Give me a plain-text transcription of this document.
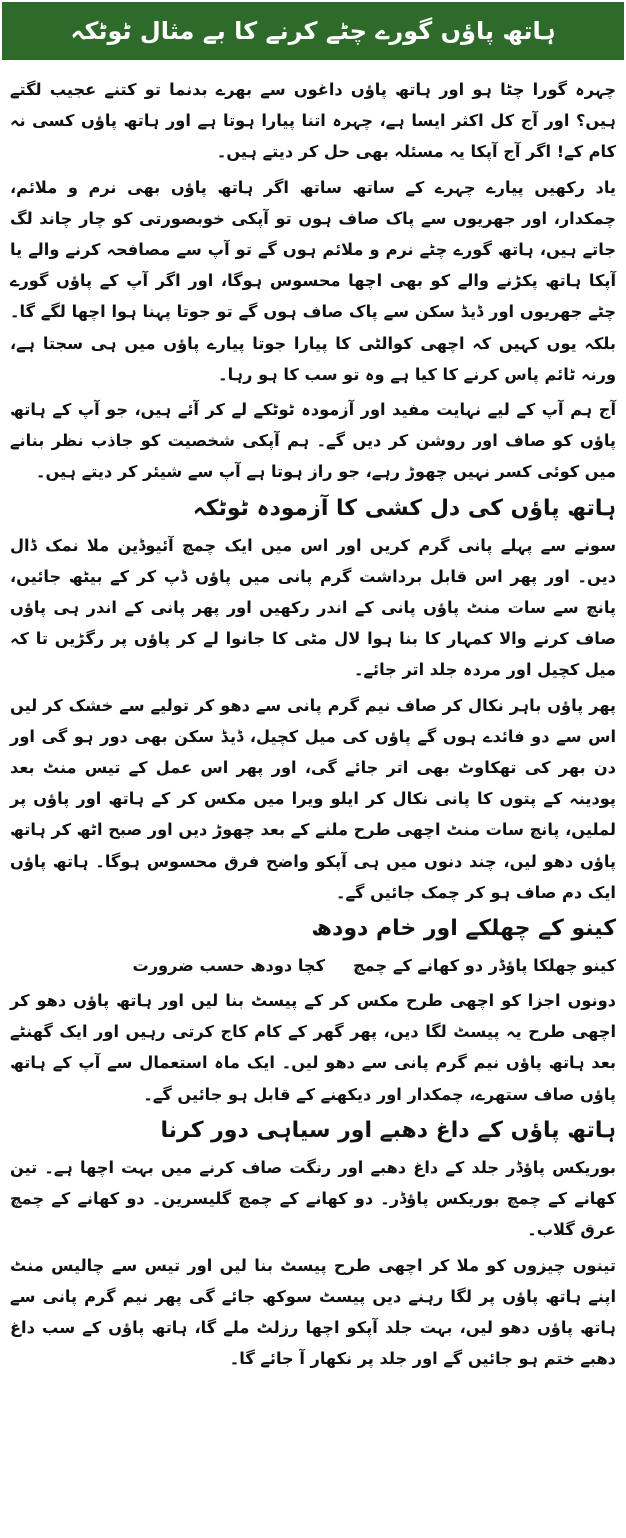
ہاتھ پاؤں گورے چٹے کرنے کا بے مثال ٹوٹکہ

چہرہ گورا چٹا ہو اور ہاتھ پاؤں داغوں سے بھرے بدنما تو کتنے عجیب لگتے ہیں؟ اور آج کل اکثر ایسا ہے، چہرہ اتنا پیارا ہوتا ہے اور ہاتھ پاؤں کسی نہ کام کے! اگر آج آپکا یہ مسئلہ بھی حل کر دیتے ہیں۔

یاد رکھیں پیارے چہرے کے ساتھ ساتھ اگر ہاتھ پاؤں بھی نرم و ملائم، چمکدار، اور جھریوں سے پاک صاف ہوں تو آپکی خوبصورتی کو چار چاند لگ جاتے ہیں، ہاتھ گورے چٹے نرم و ملائم ہوں گے تو آپ سے مصافحہ کرنے والے یا آپکا ہاتھ پکڑنے والے کو بھی اچھا محسوس ہوگا، اور اگر آپ کے پاؤں گورے چٹے جھریوں اور ڈیڈ سکن سے پاک صاف ہوں گے تو جوتا پہنا ہوا اچھا لگے گا۔ بلکہ یوں کہیں کہ اچھی کوالٹی کا پیارا جوتا پیارے پاؤں میں ہی سجتا ہے، ورنہ ٹائم پاس کرنے کا کیا ہے وہ تو سب کا ہو رہا۔

آج ہم آپ کے لیے نہایت مفید اور آزمودہ ٹوٹکے لے کر آئے ہیں، جو آپ کے ہاتھ پاؤں کو صاف اور روشن کر دیں گے۔ ہم آپکی شخصیت کو جاذب نظر بنانے میں کوئی کسر نہیں چھوڑ رہے، جو راز ہوتا ہے آپ سے شیئر کر دیتے ہیں۔

ہاتھ پاؤں کی دل کشی کا آزمودہ ٹوٹکہ

سونے سے پہلے پانی گرم کریں اور اس میں ایک چمچ آئیوڈین ملا نمک ڈال دیں۔ اور پھر اس قابل برداشت گرم پانی میں پاؤں ڈپ کر کے بیٹھ جائیں، پانچ سے سات منٹ پاؤں پانی کے اندر رکھیں اور پھر پانی کے اندر ہی پاؤں صاف کرنے والا کمہار کا بنا ہوا لال مٹی کا جانوا لے کر پاؤں پر رگڑیں تا کہ میل کچیل اور مردہ جلد اتر جائے۔

پھر پاؤں باہر نکال کر صاف نیم گرم پانی سے دھو کر تولیے سے خشک کر لیں اس سے دو فائدے ہوں گے پاؤں کی میل کچیل، ڈیڈ سکن بھی دور ہو گی اور دن بھر کی تھکاوٹ بھی اتر جائے گی، اور پھر اس عمل کے تیس منٹ بعد پودینہ کے پتوں کا پانی نکال کر ایلو ویرا میں مکس کر کے ہاتھ اور پاؤں پر لملیں، پانچ سات منٹ اچھی طرح ملنے کے بعد چھوڑ دیں اور صبح اٹھ کر ہاتھ پاؤں دھو لیں، چند دنوں میں ہی آپکو واضح فرق محسوس ہوگا۔ ہاتھ پاؤں ایک دم صاف ہو کر چمک جائیں گے۔

کینو کے چھلکے اور خام دودھ
کینو چھلکا پاؤڈر دو کھانے کے چمچ
کچا دودھ حسب ضرورت

دونوں اجزا کو اچھی طرح مکس کر کے پیسٹ بنا لیں اور ہاتھ پاؤں دھو کر اچھی طرح یہ پیسٹ لگا دیں، پھر گھر کے کام کاج کرتی رہیں اور ایک گھنٹے بعد ہاتھ پاؤں نیم گرم پانی سے دھو لیں۔ ایک ماہ استعمال سے آپ کے ہاتھ پاؤں صاف ستھرے، چمکدار اور دیکھنے کے قابل ہو جائیں گے۔

ہاتھ پاؤں کے داغ دھبے اور سیاہی دور کرنا

بوریکس پاؤڈر جلد کے داغ دھبے اور رنگت صاف کرنے میں بہت اچھا ہے۔ تین کھانے کے چمچ بوریکس پاؤڈر۔ دو کھانے کے چمچ گلیسرین۔ دو کھانے کے چمچ عرق گلاب۔

تینوں چیزوں کو ملا کر اچھی طرح پیسٹ بنا لیں اور تیس سے چالیس منٹ اپنے ہاتھ پاؤں پر لگا رہنے دیں پیسٹ سوکھ جائے گی پھر نیم گرم پانی سے ہاتھ پاؤں دھو لیں، بہت جلد آپکو اچھا رزلٹ ملے گا، ہاتھ پاؤں کے سب داغ دھبے ختم ہو جائیں گے اور جلد پر نکھار آ جائے گا۔
